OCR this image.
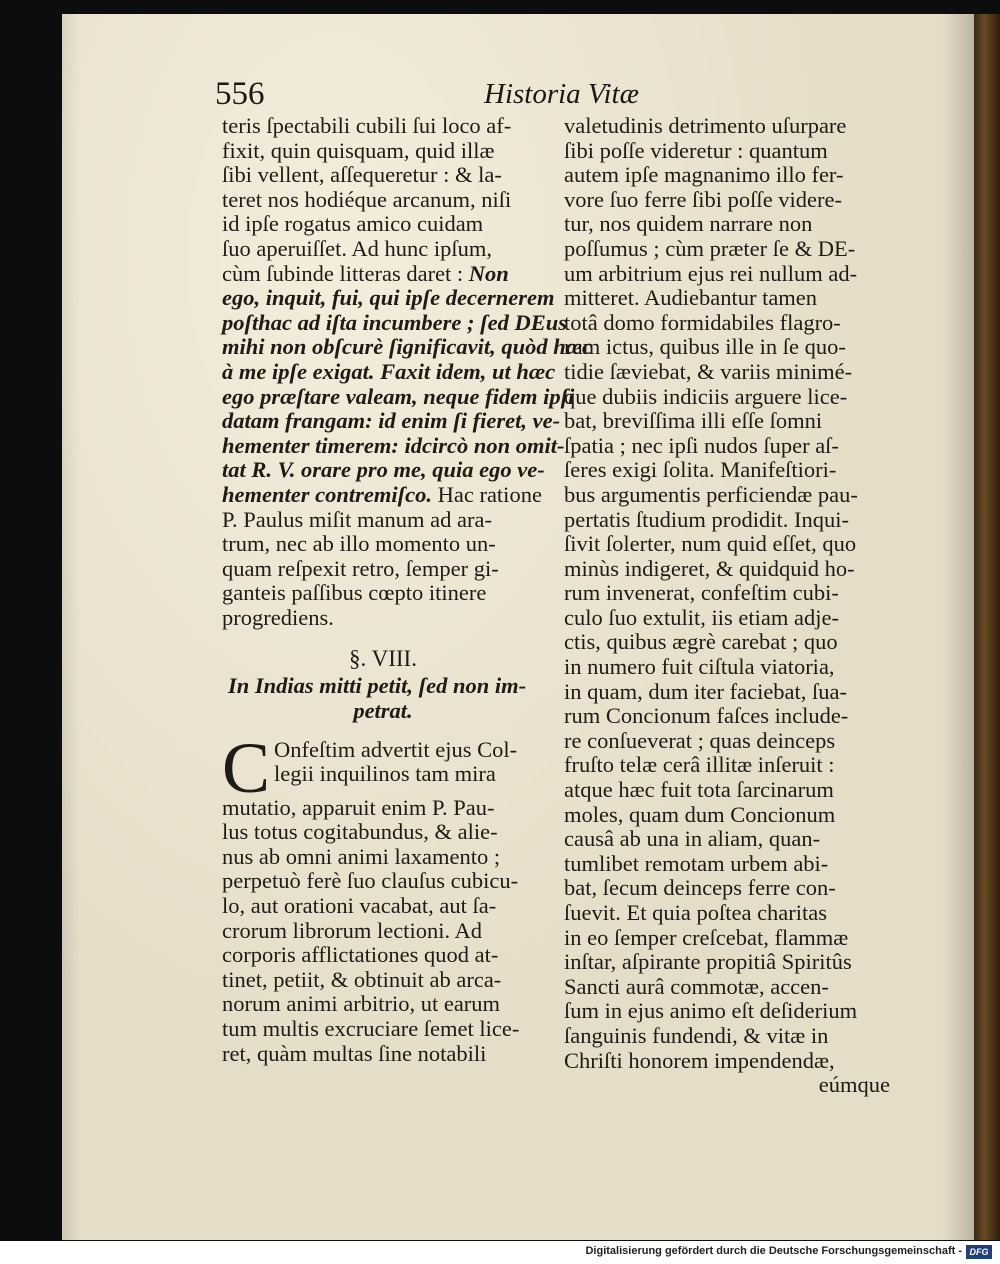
556	Historia Vitæ
teris ſpectabili cubili ſui loco af-
fixit, quin quisquam, quid illæ
ſibi vellent, aſſequeretur : & la-
teret nos hodiéque arcanum, niſi
id ipſe rogatus amico cuidam
ſuo aperuiſſet. Ad hunc ipſum,
cùm ſubinde litteras daret : Non
ego, inquit, fui, qui ipſe decernerem
poſthac ad iſta incumbere ; ſed DEus
mihi non obſcurè ſignificavit, quòd hæc
à me ipſe exigat. Faxit idem, ut hæc
ego præſtare valeam, neque fidem ipſi
datam frangam: id enim ſi fieret, ve-
hementer timerem: idcircò non omit-
tat R. V. orare pro me, quia ego ve-
hementer contremiſco. Hac ratione
P. Paulus miſit manum ad ara-
trum, nec ab illo momento un-
quam reſpexit retro, ſemper gi-
ganteis paſſibus cœpto itinere
progrediens.
§. VIII.
In Indias mitti petit, ſed non im-
petrat.
C Onfeſtim advertit ejus Col-
legii inquilinos tam mira
mutatio, apparuit enim P. Pau-
lus totus cogitabundus, & alie-
nus ab omni animi laxamento ;
perpetuò ferè ſuo clauſus cubicu-
lo, aut orationi vacabat, aut ſa-
crorum librorum lectioni. Ad
corporis afflictationes quod at-
tinet, petiit, & obtinuit ab arca-
norum animi arbitrio, ut earum
tum multis excruciare ſemet lice-
ret, quàm multas ſine notabili
valetudinis detrimento uſurpare
ſibi poſſe videretur : quantum
autem ipſe magnanimo illo fer-
vore ſuo ferre ſibi poſſe videre-
tur, nos quidem narrare non
poſſumus ; cùm præter ſe & DE-
um arbitrium ejus rei nullum ad-
mitteret. Audiebantur tamen
totâ domo formidabiles flagro-
rum ictus, quibus ille in ſe quo-
tidie ſæviebat, & variis minimé-
que dubiis indiciis arguere lice-
bat, breviſſima illi eſſe ſomni
ſpatia ; nec ipſi nudos ſuper aſ-
ſeres exigi ſolita. Manifeſtiori-
bus argumentis perficiendæ pau-
pertatis ſtudium prodidit. Inqui-
ſivit ſolerter, num quid eſſet, quo
minùs indigeret, & quidquid ho-
rum invenerat, confeſtim cubi-
culo ſuo extulit, iis etiam adje-
ctis, quibus ægrè carebat ; quo
in numero fuit ciſtula viatoria,
in quam, dum iter faciebat, ſua-
rum Concionum faſces include-
re conſueverat ; quas deinceps
fruſto telæ cerâ illitæ inſeruit :
atque hæc fuit tota ſarcinarum
moles, quam dum Concionum
causâ ab una in aliam, quan-
tumlibet remotam urbem abi-
bat, ſecum deinceps ferre con-
ſuevit. Et quia poſtea charitas
in eo ſemper creſcebat, flammæ
inſtar, aſpirante propitiâ Spiritûs
Sancti aurâ commotæ, accen-
ſum in ejus animo eſt deſiderium
ſanguinis fundendi, & vitæ in
Chriſti honorem impendendæ,
eúmque
Digitalisierung gefördert durch die Deutsche Forschungsgemeinschaft - DFG
